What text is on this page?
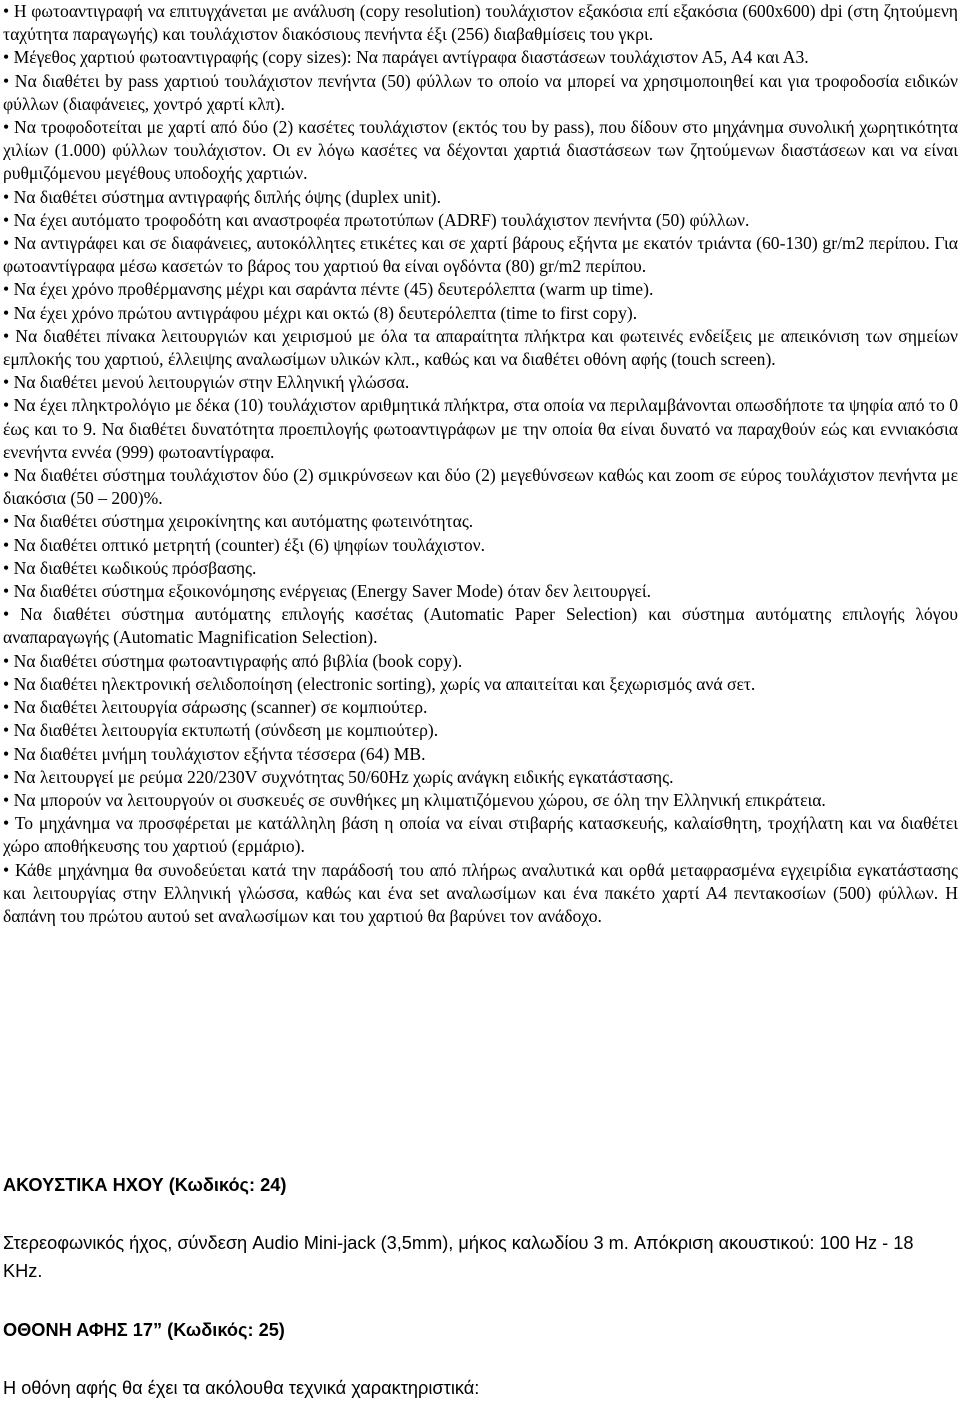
• Η φωτοαντιγραφή να επιτυγχάνεται με ανάλυση (copy resolution) τουλάχιστον εξακόσια επί εξακόσια (600x600) dpi (στη ζητούμενη ταχύτητα παραγωγής) και τουλάχιστον διακόσιους πενήντα έξι (256) διαβαθμίσεις του γκρι.
• Μέγεθος χαρτιού φωτοαντιγραφής (copy sizes): Να παράγει αντίγραφα διαστάσεων τουλάχιστον Α5, Α4 και Α3.
• Να διαθέτει by pass χαρτιού τουλάχιστον πενήντα (50) φύλλων το οποίο να μπορεί να χρησιμοποιηθεί και για τροφοδοσία ειδικών φύλλων (διαφάνειες, χοντρό χαρτί κλπ).
• Να τροφοδοτείται με χαρτί από δύο (2) κασέτες τουλάχιστον (εκτός του by pass), που δίδουν στο μηχάνημα συνολική χωρητικότητα χιλίων (1.000) φύλλων τουλάχιστον. Οι εν λόγω κασέτες να δέχονται χαρτιά διαστάσεων των ζητούμενων διαστάσεων και να είναι ρυθμιζόμενου μεγέθους υποδοχής χαρτιών.
• Να διαθέτει σύστημα αντιγραφής διπλής όψης (duplex unit).
• Να έχει αυτόματο τροφοδότη και αναστροφέα πρωτοτύπων (ADRF) τουλάχιστον πενήντα (50) φύλλων.
• Να αντιγράφει και σε διαφάνειες, αυτοκόλλητες ετικέτες και σε χαρτί βάρους εξήντα με εκατόν τριάντα (60-130) gr/m2 περίπου. Για φωτοαντίγραφα μέσω κασετών το βάρος του χαρτιού θα είναι ογδόντα (80) gr/m2 περίπου.
• Να έχει χρόνο προθέρμανσης μέχρι και σαράντα πέντε (45) δευτερόλεπτα (warm up time).
• Να έχει χρόνο πρώτου αντιγράφου μέχρι και οκτώ (8) δευτερόλεπτα (time to first copy).
• Να διαθέτει πίνακα λειτουργιών και χειρισμού με όλα τα απαραίτητα πλήκτρα και φωτεινές ενδείξεις με απεικόνιση των σημείων εμπλοκής του χαρτιού, έλλειψης αναλωσίμων υλικών κλπ., καθώς και να διαθέτει οθόνη αφής (touch screen).
• Να διαθέτει μενού λειτουργιών στην Ελληνική γλώσσα.
• Να έχει πληκτρολόγιο με δέκα (10) τουλάχιστον αριθμητικά πλήκτρα, στα οποία να περιλαμβάνονται οπωσδήποτε τα ψηφία από το 0 έως και το 9. Να διαθέτει δυνατότητα προεπιλογής φωτοαντιγράφων με την οποία θα είναι δυνατό να παραχθούν εώς και εννιακόσια ενενήντα εννέα (999) φωτοαντίγραφα.
• Να διαθέτει σύστημα τουλάχιστον δύο (2) σμικρύνσεων και δύο (2) μεγεθύνσεων καθώς και zoom σε εύρος τουλάχιστον πενήντα με διακόσια (50 – 200)%.
• Να διαθέτει σύστημα χειροκίνητης και αυτόματης φωτεινότητας.
• Να διαθέτει οπτικό μετρητή (counter) έξι (6) ψηφίων τουλάχιστον.
• Να διαθέτει κωδικούς πρόσβασης.
• Να διαθέτει σύστημα εξοικονόμησης ενέργειας (Energy Saver Mode) όταν δεν λειτουργεί.
• Να διαθέτει σύστημα αυτόματης επιλογής κασέτας (Automatic Paper Selection) και σύστημα αυτόματης επιλογής λόγου αναπαραγωγής (Automatic Magnification Selection).
• Να διαθέτει σύστημα φωτοαντιγραφής από βιβλία (book copy).
• Να διαθέτει ηλεκτρονική σελιδοποίηση (electronic sorting), χωρίς να απαιτείται και ξεχωρισμός ανά σετ.
• Να διαθέτει λειτουργία σάρωσης (scanner) σε κομπιούτερ.
• Να διαθέτει λειτουργία εκτυπωτή (σύνδεση με κομπιούτερ).
• Να διαθέτει μνήμη τουλάχιστον εξήντα τέσσερα (64) MB.
• Να λειτουργεί με ρεύμα 220/230V συχνότητας 50/60Hz χωρίς ανάγκη ειδικής εγκατάστασης.
• Να μπορούν να λειτουργούν οι συσκευές σε συνθήκες μη κλιματιζόμενου χώρου, σε όλη την Ελληνική επικράτεια.
• Το μηχάνημα να προσφέρεται με κατάλληλη βάση η οποία να είναι στιβαρής κατασκευής, καλαίσθητη, τροχήλατη και να διαθέτει χώρο αποθήκευσης του χαρτιού (ερμάριο).
• Κάθε μηχάνημα θα συνοδεύεται κατά την παράδοσή του από πλήρως αναλυτικά και ορθά μεταφρασμένα εγχειρίδια εγκατάστασης και λειτουργίας στην Ελληνική γλώσσα, καθώς και ένα set αναλωσίμων και ένα πακέτο χαρτί Α4 πεντακοσίων (500) φύλλων. Η δαπάνη του πρώτου αυτού set αναλωσίμων και του χαρτιού θα βαρύνει τον ανάδοχο.

ΑΚΟΥΣΤΙΚΑ ΗΧΟΥ (Κωδικός: 24)

Στερεοφωνικός ήχος, σύνδεση Audio Mini-jack (3,5mm), μήκος καλωδίου 3 m. Απόκριση ακουστικού: 100 Hz - 18 KHz.

ΟΘΟΝΗ ΑΦΗΣ 17” (Κωδικός: 25)

Η οθόνη αφής θα έχει τα ακόλουθα τεχνικά χαρακτηριστικά:
